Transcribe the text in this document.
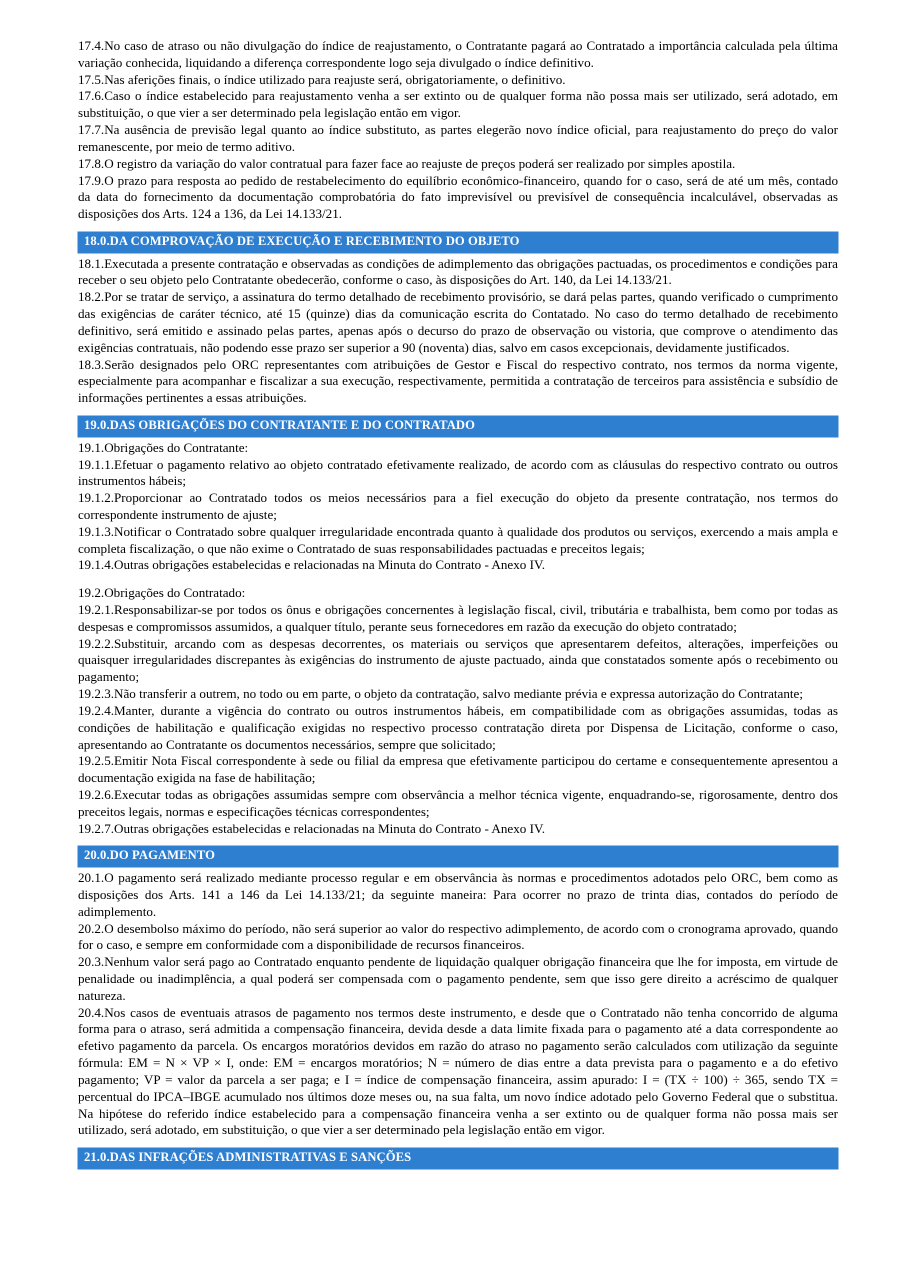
17.4.No caso de atraso ou não divulgação do índice de reajustamento, o Contratante pagará ao Contratado a importância calculada pela última variação conhecida, liquidando a diferença correspondente logo seja divulgado o índice definitivo.

17.5.Nas aferições finais, o índice utilizado para reajuste será, obrigatoriamente, o definitivo.

17.6.Caso o índice estabelecido para reajustamento venha a ser extinto ou de qualquer forma não possa mais ser utilizado, será adotado, em substituição, o que vier a ser determinado pela legislação então em vigor.

17.7.Na ausência de previsão legal quanto ao índice substituto, as partes elegerão novo índice oficial, para reajustamento do preço do valor remanescente, por meio de termo aditivo.

17.8.O registro da variação do valor contratual para fazer face ao reajuste de preços poderá ser realizado por simples apostila.

17.9.O prazo para resposta ao pedido de restabelecimento do equilíbrio econômico-financeiro, quando for o caso, será de até um mês, contado da data do fornecimento da documentação comprobatória do fato imprevisível ou previsível de consequência incalculável, observadas as disposições dos Arts. 124 a 136, da Lei 14.133/21.

18.0.DA COMPROVAÇÃO DE EXECUÇÃO E RECEBIMENTO DO OBJETO

18.1.Executada a presente contratação e observadas as condições de adimplemento das obrigações pactuadas, os procedimentos e condições para receber o seu objeto pelo Contratante obedecerão, conforme o caso, às disposições do Art. 140, da Lei 14.133/21.

18.2.Por se tratar de serviço, a assinatura do termo detalhado de recebimento provisório, se dará pelas partes, quando verificado o cumprimento das exigências de caráter técnico, até 15 (quinze) dias da comunicação escrita do Contatado. No caso do termo detalhado de recebimento definitivo, será emitido e assinado pelas partes, apenas após o decurso do prazo de observação ou vistoria, que comprove o atendimento das exigências contratuais, não podendo esse prazo ser superior a 90 (noventa) dias, salvo em casos excepcionais, devidamente justificados.

18.3.Serão designados pelo ORC representantes com atribuições de Gestor e Fiscal do respectivo contrato, nos termos da norma vigente, especialmente para acompanhar e fiscalizar a sua execução, respectivamente, permitida a contratação de terceiros para assistência e subsídio de informações pertinentes a essas atribuições.

19.0.DAS OBRIGAÇÕES DO CONTRATANTE E DO CONTRATADO

19.1.Obrigações do Contratante:

19.1.1.Efetuar o pagamento relativo ao objeto contratado efetivamente realizado, de acordo com as cláusulas do respectivo contrato ou outros instrumentos hábeis;

19.1.2.Proporcionar ao Contratado todos os meios necessários para a fiel execução do objeto da presente contratação, nos termos do correspondente instrumento de ajuste;

19.1.3.Notificar o Contratado sobre qualquer irregularidade encontrada quanto à qualidade dos produtos ou serviços, exercendo a mais ampla e completa fiscalização, o que não exime o Contratado de suas responsabilidades pactuadas e preceitos legais;

19.1.4.Outras obrigações estabelecidas e relacionadas na Minuta do Contrato - Anexo IV.

19.2.Obrigações do Contratado:

19.2.1.Responsabilizar-se por todos os ônus e obrigações concernentes à legislação fiscal, civil, tributária e trabalhista, bem como por todas as despesas e compromissos assumidos, a qualquer título, perante seus fornecedores em razão da execução do objeto contratado;

19.2.2.Substituir, arcando com as despesas decorrentes, os materiais ou serviços que apresentarem defeitos, alterações, imperfeições ou quaisquer irregularidades discrepantes às exigências do instrumento de ajuste pactuado, ainda que constatados somente após o recebimento ou pagamento;

19.2.3.Não transferir a outrem, no todo ou em parte, o objeto da contratação, salvo mediante prévia e expressa autorização do Contratante;

19.2.4.Manter, durante a vigência do contrato ou outros instrumentos hábeis, em compatibilidade com as obrigações assumidas, todas as condições de habilitação e qualificação exigidas no respectivo processo contratação direta por Dispensa de Licitação, conforme o caso, apresentando ao Contratante os documentos necessários, sempre que solicitado;

19.2.5.Emitir Nota Fiscal correspondente à sede ou filial da empresa que efetivamente participou do certame e consequentemente apresentou a documentação exigida na fase de habilitação;

19.2.6.Executar todas as obrigações assumidas sempre com observância a melhor técnica vigente, enquadrando-se, rigorosamente, dentro dos preceitos legais, normas e especificações técnicas correspondentes;

19.2.7.Outras obrigações estabelecidas e relacionadas na Minuta do Contrato - Anexo IV.

20.0.DO PAGAMENTO

20.1.O pagamento será realizado mediante processo regular e em observância às normas e procedimentos adotados pelo ORC, bem como as disposições dos Arts. 141 a 146 da Lei 14.133/21; da seguinte maneira: Para ocorrer no prazo de trinta dias, contados do período de adimplemento.

20.2.O desembolso máximo do período, não será superior ao valor do respectivo adimplemento, de acordo com o cronograma aprovado, quando for o caso, e sempre em conformidade com a disponibilidade de recursos financeiros.

20.3.Nenhum valor será pago ao Contratado enquanto pendente de liquidação qualquer obrigação financeira que lhe for imposta, em virtude de penalidade ou inadimplência, a qual poderá ser compensada com o pagamento pendente, sem que isso gere direito a acréscimo de qualquer natureza.

20.4.Nos casos de eventuais atrasos de pagamento nos termos deste instrumento, e desde que o Contratado não tenha concorrido de alguma forma para o atraso, será admitida a compensação financeira, devida desde a data limite fixada para o pagamento até a data correspondente ao efetivo pagamento da parcela. Os encargos moratórios devidos em razão do atraso no pagamento serão calculados com utilização da seguinte fórmula: EM = N × VP × I, onde: EM = encargos moratórios; N = número de dias entre a data prevista para o pagamento e a do efetivo pagamento; VP = valor da parcela a ser paga; e I = índice de compensação financeira, assim apurado: I = (TX ÷ 100) ÷ 365, sendo TX = percentual do IPCA–IBGE acumulado nos últimos doze meses ou, na sua falta, um novo índice adotado pelo Governo Federal que o substitua. Na hipótese do referido índice estabelecido para a compensação financeira venha a ser extinto ou de qualquer forma não possa mais ser utilizado, será adotado, em substituição, o que vier a ser determinado pela legislação então em vigor.

21.0.DAS INFRAÇÕES ADMINISTRATIVAS E SANÇÕES
